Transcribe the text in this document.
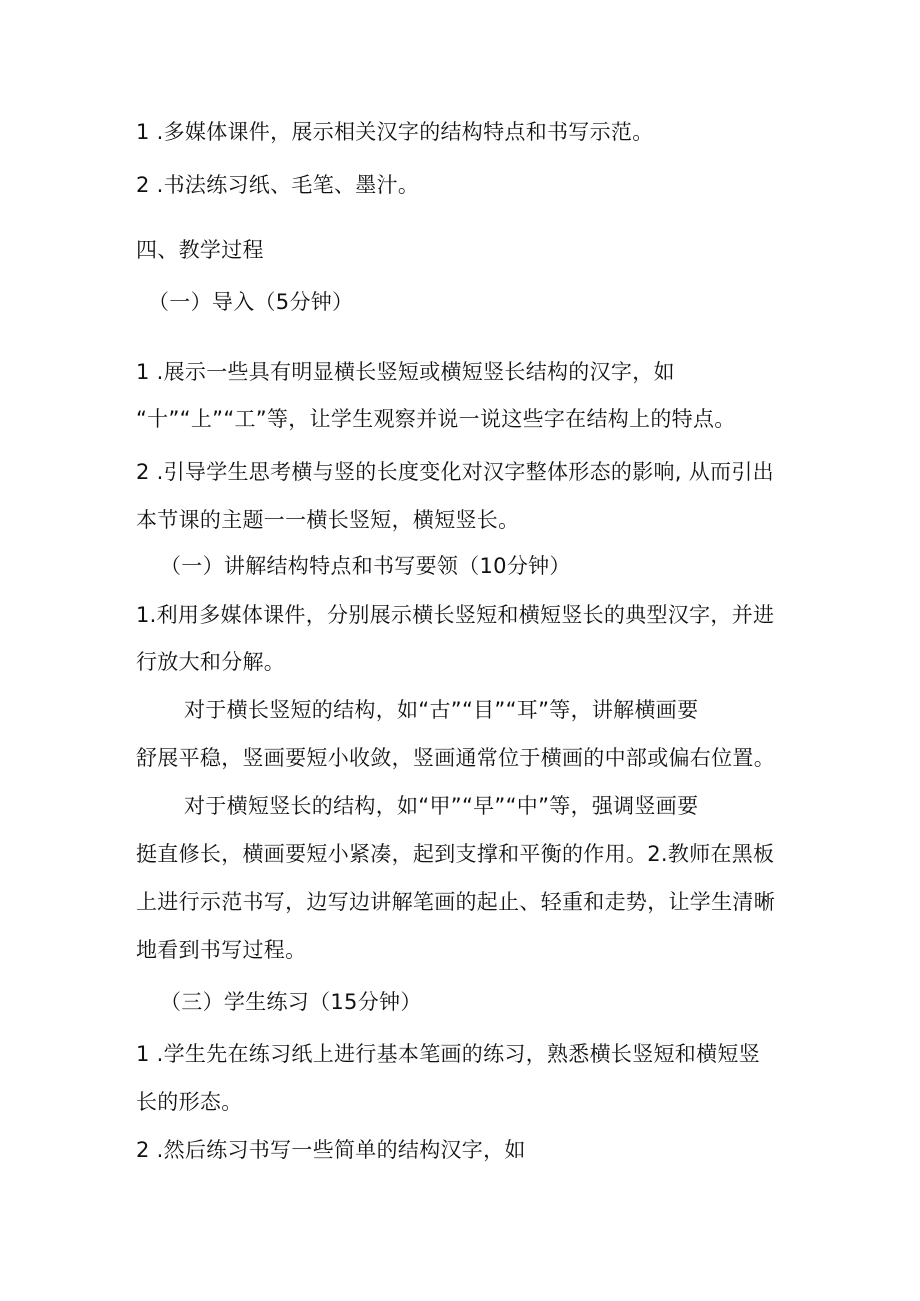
1 .多媒体课件，展示相关汉字的结构特点和书写示范。
2 .书法练习纸、毛笔、墨汁。
四、教学过程
（一）导入（5分钟）
1 .展示一些具有明显横长竖短或横短竖长结构的汉字，如
“十”“上”“工”等，让学生观察并说一说这些字在结构上的特点。
2 .引导学生思考横与竖的长度变化对汉字整体形态的影响, 从而引出
本节课的主题一一横长竖短，横短竖长。
（一）讲解结构特点和书写要领（10分钟）
1.利用多媒体课件，分别展示横长竖短和横短竖长的典型汉字，并进
行放大和分解。
对于横长竖短的结构，如“古”“目”“耳”等，讲解横画要
舒展平稳，竖画要短小收敛，竖画通常位于横画的中部或偏右位置。
对于横短竖长的结构，如“甲”“早”“中”等，强调竖画要
挺直修长，横画要短小紧凑，起到支撑和平衡的作用。2.教师在黑板
上进行示范书写，边写边讲解笔画的起止、轻重和走势，让学生清晰
地看到书写过程。
（三）学生练习（15分钟）
1 .学生先在练习纸上进行基本笔画的练习，熟悉横长竖短和横短竖
长的形态。
2 .然后练习书写一些简单的结构汉字，如
